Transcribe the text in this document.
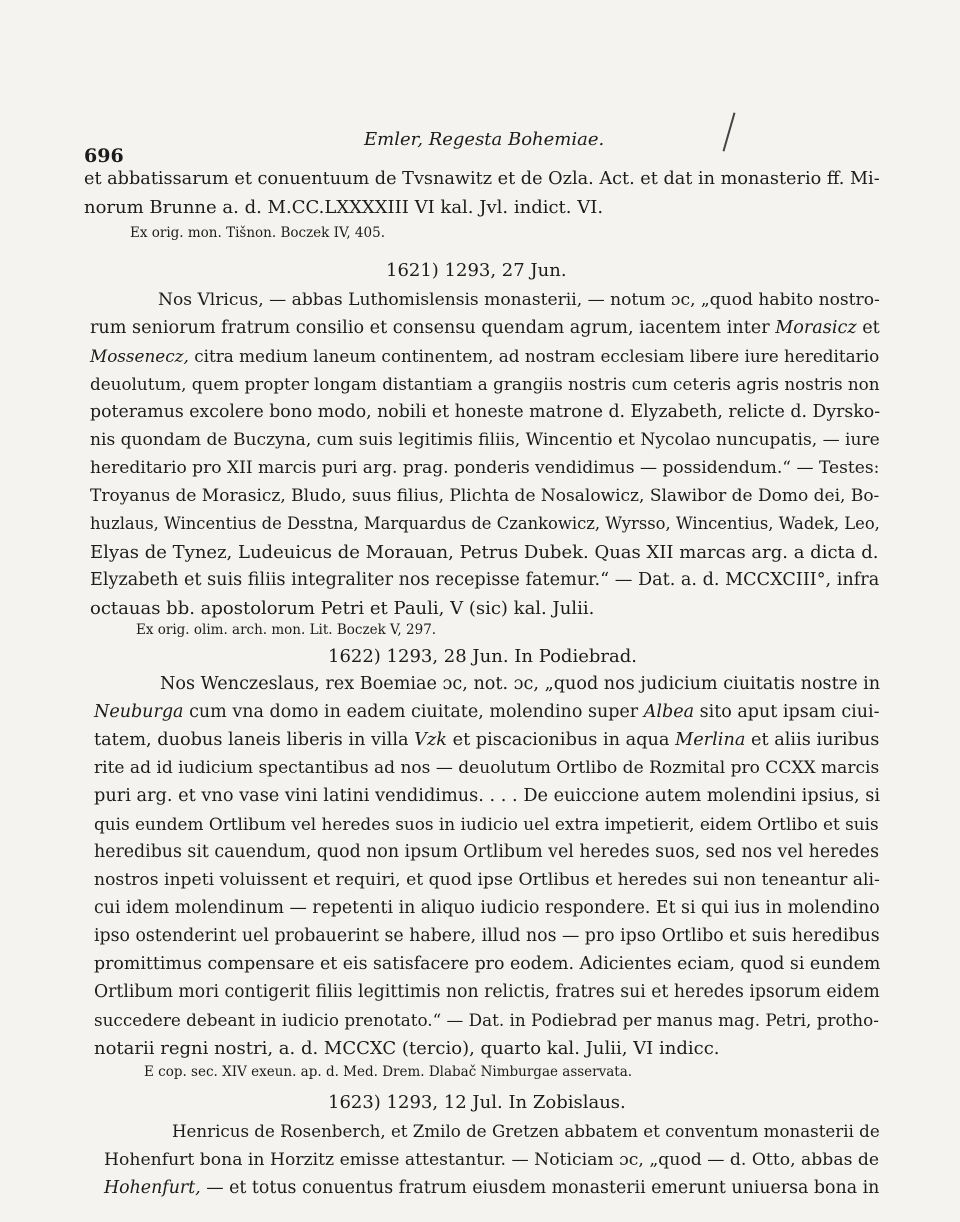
696
Emler, Regesta Bohemiae.
et abbatissarum et conuentuum de Tvsnawitz et de Ozla. Act. et dat in monasterio ff. Mi-
norum Brunne a. d. M.CC.LXXXXIII VI kal. Jvl. indict. VI.
Ex orig. mon. Tišnon. Boczek IV, 405.
1621) 1293, 27 Jun.
Nos Vlricus, — abbas Luthomislensis monasterii, — notum ɔc, „quod habito nostro-
rum seniorum fratrum consilio et consensu quendam agrum, iacentem inter Morasicz et
Mossenecz, citra medium laneum continentem, ad nostram ecclesiam libere iure hereditario
deuolutum, quem propter longam distantiam a grangiis nostris cum ceteris agris nostris non
poteramus excolere bono modo, nobili et honeste matrone d. Elyzabeth, relicte d. Dyrsko-
nis quondam de Buczyna, cum suis legitimis filiis, Wincentio et Nycolao nuncupatis, — iure
hereditario pro XII marcis puri arg. prag. ponderis vendidimus — possidendum.“ — Testes:
Troyanus de Morasicz, Bludo, suus filius, Plichta de Nosalowicz, Slawibor de Domo dei, Bo-
huzlaus, Wincentius de Desstna, Marquardus de Czankowicz, Wyrsso, Wincentius, Wadek, Leo,
Elyas de Tynez, Ludeuicus de Morauan, Petrus Dubek. Quas XII marcas arg. a dicta d.
Elyzabeth et suis filiis integraliter nos recepisse fatemur.“ — Dat. a. d. MCCXCIII°, infra
octauas bb. apostolorum Petri et Pauli, V (sic) kal. Julii.
Ex orig. olim. arch. mon. Lit. Boczek V, 297.
1622) 1293, 28 Jun. In Podiebrad.
Nos Wenczeslaus, rex Boemiae ɔc, not. ɔc, „quod nos judicium ciuitatis nostre in
Neuburga cum vna domo in eadem ciuitate, molendino super Albea sito aput ipsam ciui-
tatem, duobus laneis liberis in villa Vzk et piscacionibus in aqua Merlina et aliis iuribus
rite ad id iudicium spectantibus ad nos — deuolutum Ortlibo de Rozmital pro CCXX marcis
puri arg. et vno vase vini latini vendidimus. . . . De euiccione autem molendini ipsius, si
quis eundem Ortlibum vel heredes suos in iudicio uel extra impetierit, eidem Ortlibo et suis
heredibus sit cauendum, quod non ipsum Ortlibum vel heredes suos, sed nos vel heredes
nostros inpeti voluissent et requiri, et quod ipse Ortlibus et heredes sui non teneantur ali-
cui idem molendinum — repetenti in aliquo iudicio respondere. Et si qui ius in molendino
ipso ostenderint uel probauerint se habere, illud nos — pro ipso Ortlibo et suis heredibus
promittimus compensare et eis satisfacere pro eodem. Adicientes eciam, quod si eundem
Ortlibum mori contigerit filiis legittimis non relictis, fratres sui et heredes ipsorum eidem
succedere debeant in iudicio prenotato.“ — Dat. in Podiebrad per manus mag. Petri, protho-
notarii regni nostri, a. d. MCCXC (tercio), quarto kal. Julii, VI indicc.
E cop. sec. XIV exeun. ap. d. Med. Drem. Dlabač Nimburgae asservata.
1623) 1293, 12 Jul. In Zobislaus.
Henricus de Rosenberch, et Zmilo de Gretzen abbatem et conventum monasterii de
Hohenfurt bona in Horzitz emisse attestantur. — Noticiam ɔc, „quod — d. Otto, abbas de
Hohenfurt, — et totus conuentus fratrum eiusdem monasterii emerunt uniuersa bona in
